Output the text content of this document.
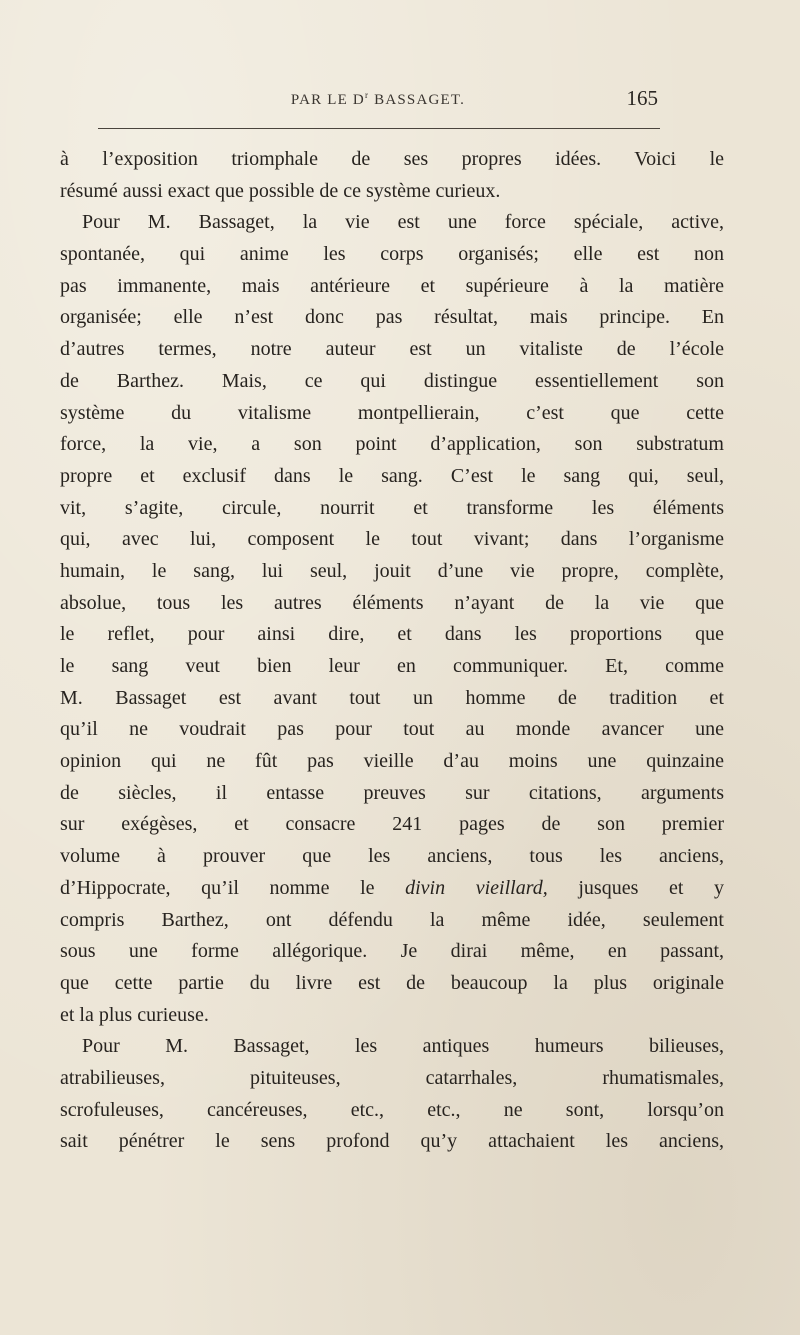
PAR LE $D^r$ BASSAGET.	165
à l’exposition triomphale de ses propres idées. Voici le
résumé aussi exact que possible de ce système curieux.
Pour M. Bassaget, la vie est une force spéciale, active,
spontanée, qui anime les corps organisés; elle est non
pas immanente, mais antérieure et supérieure à la matière
organisée; elle n’est donc pas résultat, mais principe. En
d’autres termes, notre auteur est un vitaliste de l’école
de Barthez. Mais, ce qui distingue essentiellement son
système du vitalisme montpellierain, c’est que cette
force, la vie, a son point d’application, son substratum
propre et exclusif dans le sang. C’est le sang qui, seul,
vit, s’agite, circule, nourrit et transforme les éléments
qui, avec lui, composent le tout vivant; dans l’organisme
humain, le sang, lui seul, jouit d’une vie propre, complète,
absolue, tous les autres éléments n’ayant de la vie que
le reflet, pour ainsi dire, et dans les proportions que
le sang veut bien leur en communiquer. Et, comme
M. Bassaget est avant tout un homme de tradition et
qu’il ne voudrait pas pour tout au monde avancer une
opinion qui ne fût pas vieille d’au moins une quinzaine
de siècles, il entasse preuves sur citations, arguments
sur exégèses, et consacre 241 pages de son premier
volume à prouver que les anciens, tous les anciens,
d’Hippocrate, qu’il nomme le divin vieillard, jusques et y
compris Barthez, ont défendu la même idée, seulement
sous une forme allégorique. Je dirai même, en passant,
que cette partie du livre est de beaucoup la plus originale
et la plus curieuse.
Pour M. Bassaget, les antiques humeurs bilieuses,
atrabilieuses, pituiteuses, catarrhales, rhumatismales,
scrofuleuses, cancéreuses, etc., etc., ne sont, lorsqu’on
sait pénétrer le sens profond qu’y attachaient les anciens,
